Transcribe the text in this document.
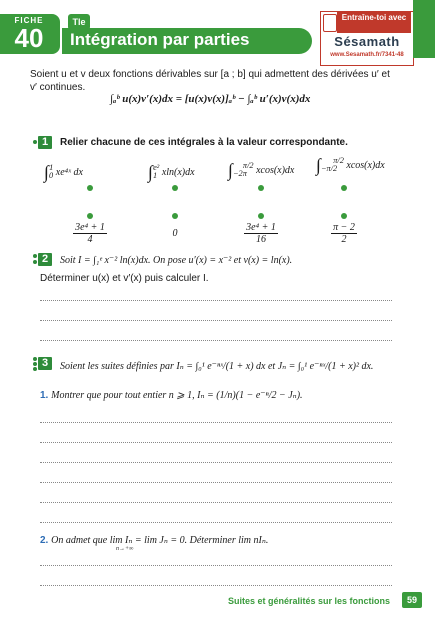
FICHE
40	Intégration par parties
Tle	Entraîne-toi avec
Sésamath
www.Sesamath.fr/7341-48
Soient u et v deux fonctions dérivables sur [a ; b] qui admettent des dérivées u′ et v′ continues.
∫ₐᵇ u(x)v′(x)dx = [u(x)v(x)]ₐᵇ − ∫ₐᵇ u′(x)v(x)dx
1	Relier chacune de ces intégrales à la valeur correspondante.
$\int_0^1$ xe⁴ˣ dx	$\int_1^{e^2}$ xln(x)dx $\int_{-2\pi}^{\pi/2}$ xcos(x)dx $\int_{-\pi/2}^{\pi/2}$ xcos(x)dx
$\frac{\text{3e⁴ + 1}}{4}$	0	$\frac{\text{3e⁴ + 1}}{16}$	$\frac{\pi - 2}{2}$
2	Soit I = ∫₁ᵉ x⁻² ln(x)dx. On pose u′(x) = x⁻² et v(x) = ln(x).
Déterminer u(x) et v′(x) puis calculer I.
3	Soient les suites définies par Iₙ = ∫₀¹ e⁻ⁿˣ/(1 + x) dx et Jₙ = ∫₀¹ e⁻ⁿˣ/(1 + x)² dx.
1. Montrer que pour tout entier n ⩾ 1, Iₙ = (1/n)(1 − e⁻ⁿ/2 − Jₙ).
2. On admet que lim Iₙ = lim Jₙ = 0. Déterminer lim nIₙ.
n→+∞
Suites et généralités sur les fonctions	59
